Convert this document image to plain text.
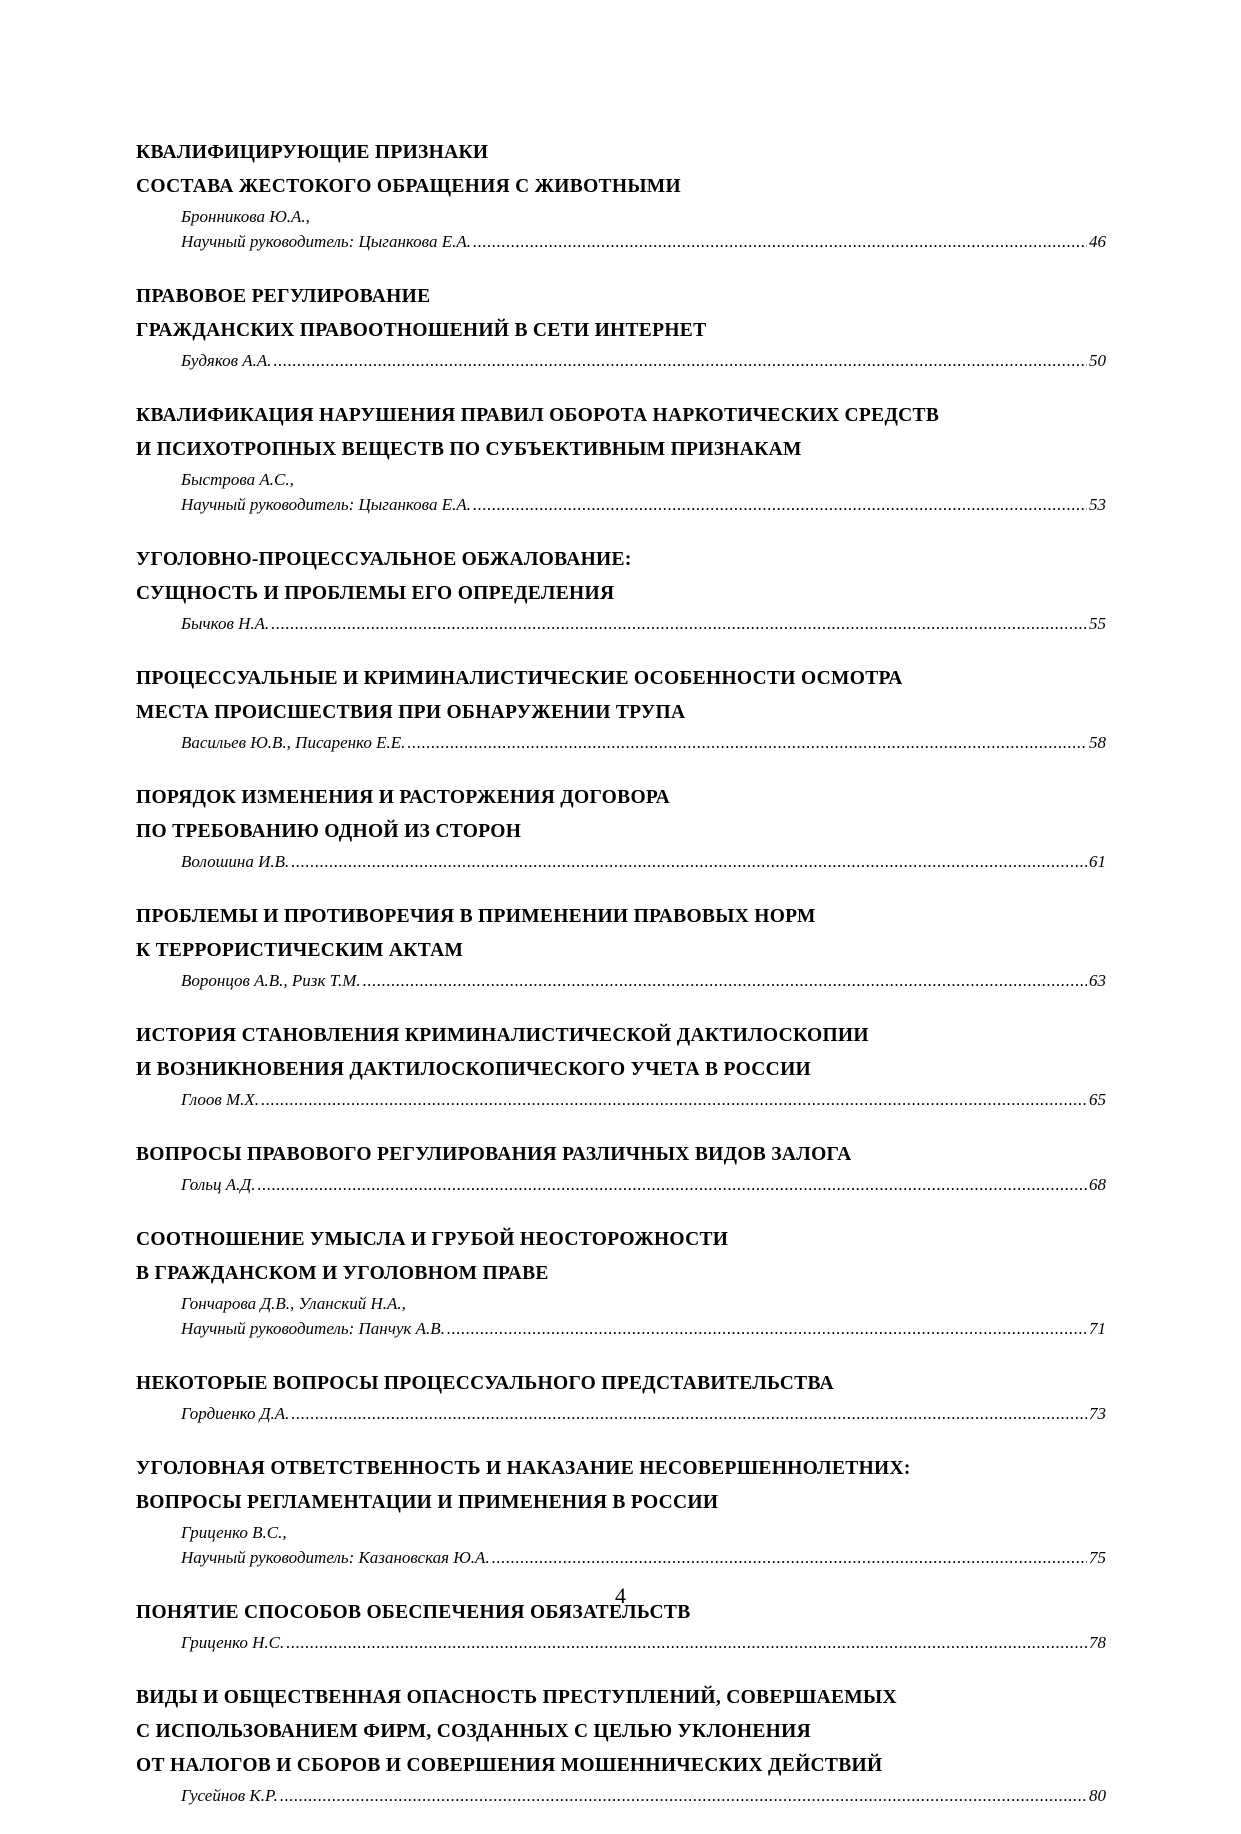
КВАЛИФИЦИРУЮЩИЕ ПРИЗНАКИ
СОСТАВА ЖЕСТОКОГО ОБРАЩЕНИЯ С ЖИВОТНЫМИ
Бронникова Ю.А.,
Научный руководитель: Цыганкова Е.А. .....	46
ПРАВОВОЕ РЕГУЛИРОВАНИЕ
ГРАЖДАНСКИХ ПРАВООТНОШЕНИЙ В СЕТИ ИНТЕРНЕТ
Будяков А.А. .....	50
КВАЛИФИКАЦИЯ НАРУШЕНИЯ ПРАВИЛ ОБОРОТА НАРКОТИЧЕСКИХ СРЕДСТВ
И ПСИХОТРОПНЫХ ВЕЩЕСТВ ПО СУБЪЕКТИВНЫМ ПРИЗНАКАМ
Быстрова А.С.,
Научный руководитель: Цыганкова Е.А. .....	53
УГОЛОВНО-ПРОЦЕССУАЛЬНОЕ ОБЖАЛОВАНИЕ:
СУЩНОСТЬ И ПРОБЛЕМЫ ЕГО ОПРЕДЕЛЕНИЯ
Бычков Н.А. .....	55
ПРОЦЕССУАЛЬНЫЕ И КРИМИНАЛИСТИЧЕСКИЕ ОСОБЕННОСТИ ОСМОТРА
МЕСТА ПРОИСШЕСТВИЯ ПРИ ОБНАРУЖЕНИИ ТРУПА
Васильев Ю.В., Писаренко Е.Е. .....	58
ПОРЯДОК ИЗМЕНЕНИЯ И РАСТОРЖЕНИЯ ДОГОВОРА
ПО ТРЕБОВАНИЮ ОДНОЙ ИЗ СТОРОН
Волошина И.В. .....	61
ПРОБЛЕМЫ И ПРОТИВОРЕЧИЯ В ПРИМЕНЕНИИ ПРАВОВЫХ НОРМ
К ТЕРРОРИСТИЧЕСКИМ АКТАМ
Воронцов А.В., Ризк Т.М. .....	63
ИСТОРИЯ СТАНОВЛЕНИЯ КРИМИНАЛИСТИЧЕСКОЙ ДАКТИЛОСКОПИИ
И ВОЗНИКНОВЕНИЯ ДАКТИЛОСКОПИЧЕСКОГО УЧЕТА В РОССИИ
Глоов М.Х. .....	65
ВОПРОСЫ ПРАВОВОГО РЕГУЛИРОВАНИЯ РАЗЛИЧНЫХ ВИДОВ ЗАЛОГА
Гольц А.Д. .....	68
СООТНОШЕНИЕ УМЫСЛА И ГРУБОЙ НЕОСТОРОЖНОСТИ
В ГРАЖДАНСКОМ И УГОЛОВНОМ ПРАВЕ
Гончарова Д.В., Уланский Н.А.,
Научный руководитель: Панчук А.В. .....	71
НЕКОТОРЫЕ ВОПРОСЫ ПРОЦЕССУАЛЬНОГО ПРЕДСТАВИТЕЛЬСТВА
Гордиенко Д.А. .....	73
УГОЛОВНАЯ ОТВЕТСТВЕННОСТЬ И НАКАЗАНИЕ НЕСОВЕРШЕННОЛЕТНИХ:
ВОПРОСЫ РЕГЛАМЕНТАЦИИ И ПРИМЕНЕНИЯ В РОССИИ
Гриценко В.С.,
Научный руководитель: Казановская Ю.А. .....	75
ПОНЯТИЕ СПОСОБОВ ОБЕСПЕЧЕНИЯ ОБЯЗАТЕЛЬСТВ
Гриценко Н.С. .....	78
ВИДЫ И ОБЩЕСТВЕННАЯ ОПАСНОСТЬ ПРЕСТУПЛЕНИЙ, СОВЕРШАЕМЫХ
С ИСПОЛЬЗОВАНИЕМ ФИРМ, СОЗДАННЫХ С ЦЕЛЬЮ УКЛОНЕНИЯ
ОТ НАЛОГОВ И СБОРОВ И СОВЕРШЕНИЯ МОШЕННИЧЕСКИХ ДЕЙСТВИЙ
Гусейнов К.Р. .....	80
4
